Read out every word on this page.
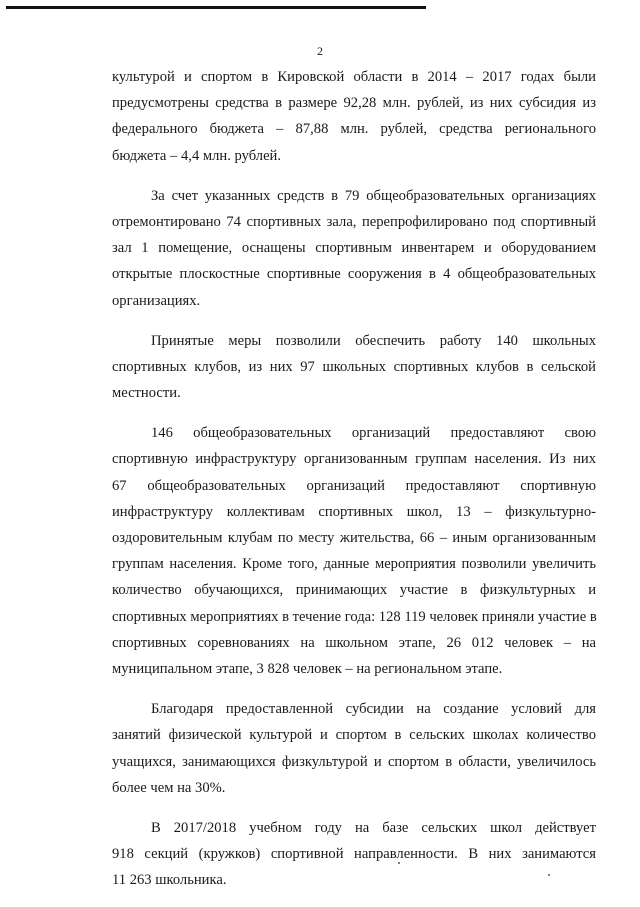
2

культурой и спортом в Кировской области в 2014 – 2017 годах были
предусмотрены средства в размере 92,28 млн. рублей, из них субсидия из
федерального бюджета – 87,88 млн. рублей, средства регионального
бюджета – 4,4 млн. рублей.

За счет указанных средств в 79 общеобразовательных организациях
отремонтировано 74 спортивных зала, перепрофилировано под спортивный
зал 1 помещение, оснащены спортивным инвентарем и оборудованием
открытые плоскостные спортивные сооружения в 4 общеобразовательных
организациях.

Принятые меры позволили обеспечить работу 140 школьных
спортивных клубов, из них 97 школьных спортивных клубов в сельской
местности.

146 общеобразовательных организаций предоставляют свою
спортивную инфраструктуру организованным группам населения. Из них
67 общеобразовательных организаций предоставляют спортивную
инфраструктуру коллективам спортивных школ, 13 – физкультурно-
оздоровительным клубам по месту жительства, 66 – иным организованным
группам населения. Кроме того, данные мероприятия позволили увеличить
количество обучающихся, принимающих участие в физкультурных и
спортивных мероприятиях в течение года: 128 119 человек приняли участие в
спортивных соревнованиях на школьном этапе, 26 012 человек – на
муниципальном этапе, 3 828 человек – на региональном этапе.

Благодаря предоставленной субсидии на создание условий для
занятий физической культурой и спортом в сельских школах количество
учащихся, занимающихся физкультурой и спортом в области, увеличилось
более чем на 30%.

В 2017/2018 учебном году на базе сельских школ действует
918 секций (кружков) спортивной направленности. В них занимаются
11 263 школьника.
